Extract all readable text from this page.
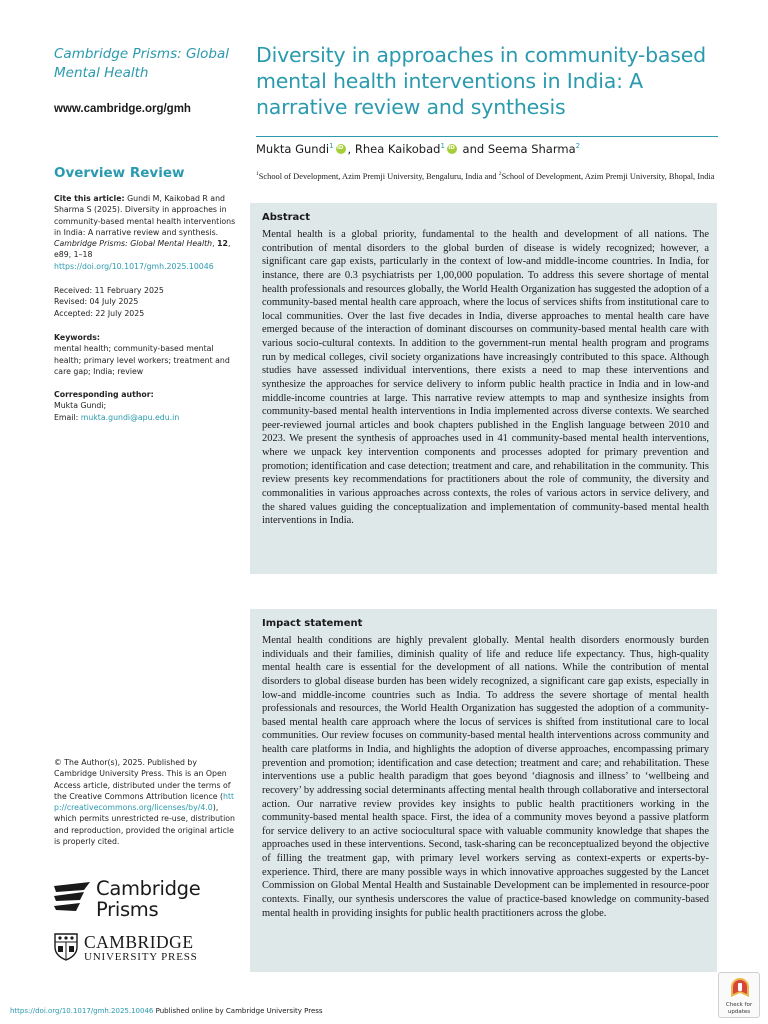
Cambridge Prisms: Global Mental Health
www.cambridge.org/gmh
Overview Review
Cite this article: Gundi M, Kaikobad R and Sharma S (2025). Diversity in approaches in community-based mental health interventions in India: A narrative review and synthesis. Cambridge Prisms: Global Mental Health, 12, e89, 1–18
https://doi.org/10.1017/gmh.2025.10046
Received: 11 February 2025
Revised: 04 July 2025
Accepted: 22 July 2025
Keywords:
mental health; community-based mental health; primary level workers; treatment and care gap; India; review
Corresponding author:
Mukta Gundi;
Email: mukta.gundi@apu.edu.in
© The Author(s), 2025. Published by Cambridge University Press. This is an Open Access article, distributed under the terms of the Creative Commons Attribution licence (http://creativecommons.org/licenses/by/4.0), which permits unrestricted re-use, distribution and reproduction, provided the original article is properly cited.
Cambridge
Prisms
CAMBRIDGE
UNIVERSITY PRESS
Diversity in approaches in community-based mental health interventions in India: A narrative review and synthesis
Mukta Gundi$^1$iD , Rhea Kaikobad$^1$iD and Seema Sharma$^2$
$^1$School of Development, Azim Premji University, Bengaluru, India and $^2$School of Development, Azim Premji University, Bhopal, India
Abstract

Mental health is a global priority, fundamental to the health and development of all nations. The contribution of mental disorders to the global burden of disease is widely recognized; however, a significant care gap exists, particularly in the context of low-and middle-income countries. In India, for instance, there are 0.3 psychiatrists per 1,00,000 population. To address this severe shortage of mental health professionals and resources globally, the World Health Organization has suggested the adoption of a community-based mental health care approach, where the locus of services shifts from institutional care to local communities. Over the last five decades in India, diverse approaches to mental health care have emerged because of the interaction of dominant discourses on community-based mental health care with various socio-cultural contexts. In addition to the government-run mental health program and programs run by medical colleges, civil society organizations have increasingly contributed to this space. Although studies have assessed individual interventions, there exists a need to map these interventions and synthesize the approaches for service delivery to inform public health practice in India and in low-and middle-income countries at large. This narrative review attempts to map and synthesize insights from community-based mental health interventions in India implemented across diverse contexts. We searched peer-reviewed journal articles and book chapters published in the English language between 2010 and 2023. We present the synthesis of approaches used in 41 community-based mental health interventions, where we unpack key intervention components and processes adopted for primary prevention and promotion; identification and case detection; treatment and care, and rehabilitation in the community. This review presents key recommendations for practitioners about the role of community, the diversity and commonalities in various approaches across contexts, the roles of various actors in service delivery, and the shared values guiding the conceptualization and implementation of community-based mental health interventions in India.

Impact statement

Mental health conditions are highly prevalent globally. Mental health disorders enormously burden individuals and their families, diminish quality of life and reduce life expectancy. Thus, high-quality mental health care is essential for the development of all nations. While the contribution of mental disorders to global disease burden has been widely recognized, a significant care gap exists, especially in low-and middle-income countries such as India. To address the severe shortage of mental health professionals and resources, the World Health Organization has suggested the adoption of a community-based mental health care approach where the locus of services is shifted from institutional care to local communities. Our review focuses on community-based mental health interventions across community and health care platforms in India, and highlights the adoption of diverse approaches, encompassing primary prevention and promotion; identification and case detection; treatment and care; and rehabilitation. These interventions use a public health paradigm that goes beyond ‘diagnosis and illness’ to ‘wellbeing and recovery’ by addressing social determinants affecting mental health through collaborative and intersectoral action. Our narrative review provides key insights to public health practitioners working in the community-based mental health space. First, the idea of a community moves beyond a passive platform for service delivery to an active sociocultural space with valuable community knowledge that shapes the approaches used in these interventions. Second, task-sharing can be reconceptualized beyond the objective of filling the treatment gap, with primary level workers serving as context-experts or experts-by-experience. Third, there are many possible ways in which innovative approaches suggested by the Lancet Commission on Global Mental Health and Sustainable Development can be implemented in resource-poor contexts. Finally, our synthesis underscores the value of practice-based knowledge on community-based mental health in providing insights for public health practitioners across the globe.

https://doi.org/10.1017/gmh.2025.10046 Published online by Cambridge University Press
Check for updates
